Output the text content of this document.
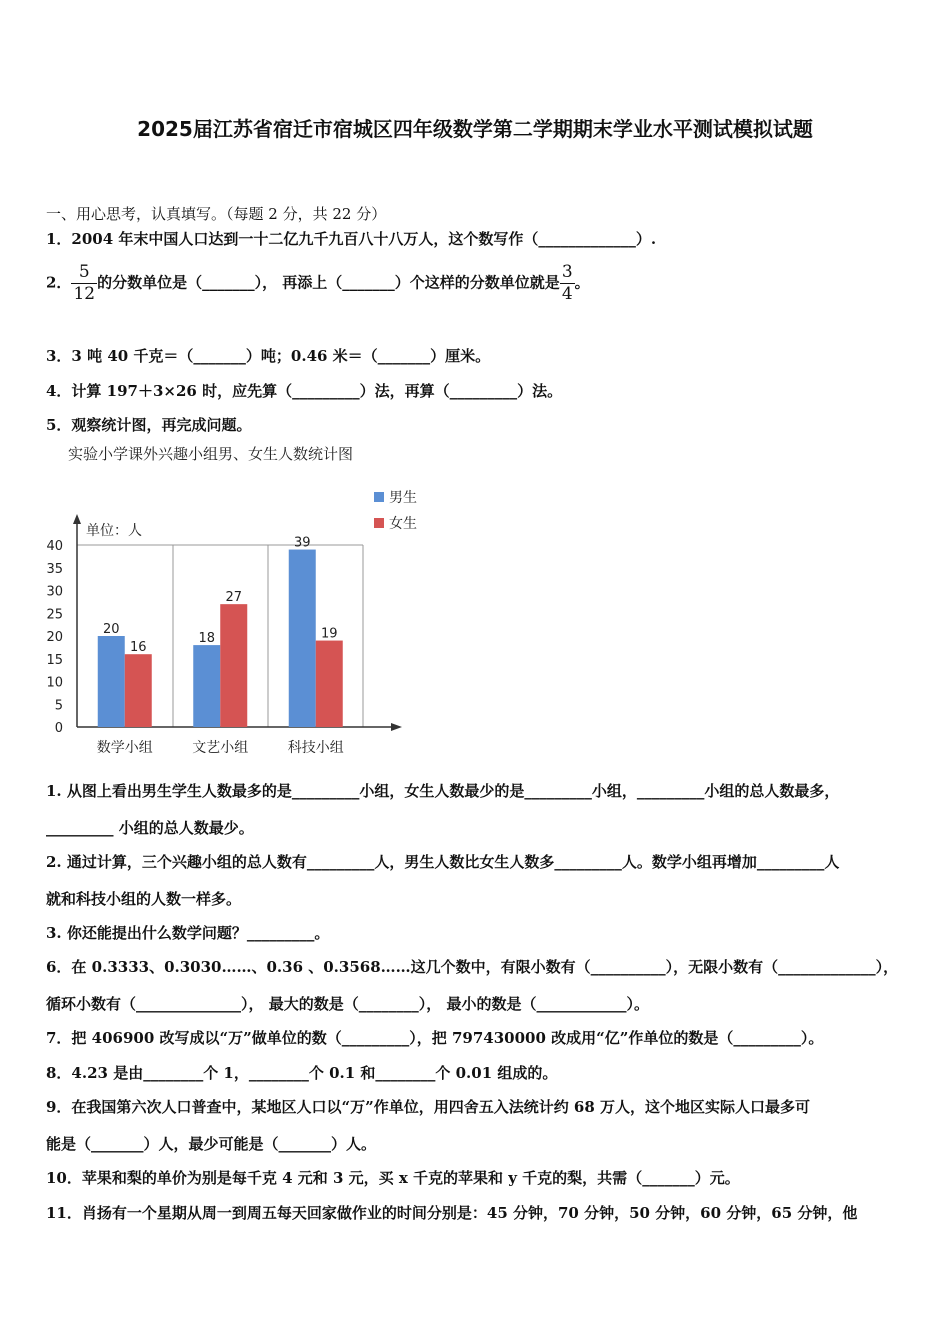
2025届江苏省宿迁市宿城区四年级数学第二学期期末学业水平测试模拟试题
一、用心思考，认真填写。（每题 2 分，共 22 分）
1．2004 年末中国人口达到一十二亿九千九百八十八万人，这个数写作（_____________）.
2． $\frac{5}{12}$ 的分数单位是（_______）， 再添上（_______）个这样的分数单位就是 $\frac{3}{4}$ 。
3．3 吨 40 千克＝（_______）吨；0.46 米＝（_______）厘米。
4．计算 197＋3×26 时，应先算（_________）法，再算（_________）法。
5．观察统计图，再完成问题。
实验小学课外兴趣小组男、女生人数统计图
单位：人
0
5
10
15
20
25
30
35
40
20
16
18
27
39
19
数学小组	文艺小组	科技小组
男生
女生
1. 从图上看出男生学生人数最多的是_________小组，女生人数最少的是_________小组，_________小组的总人数最多，
_________ 小组的总人数最少。
2. 通过计算，三个兴趣小组的总人数有_________人，男生人数比女生人数多_________人。数学小组再增加_________人
就和科技小组的人数一样多。
3. 你还能提出什么数学问题？_________。
6．在 0.3333、0.3030……、0.36 、0.3568……这几个数中，有限小数有（__________），无限小数有（_____________），
循环小数有（______________）， 最大的数是（________）， 最小的数是（____________）。
7．把 406900 改写成以“万”做单位的数（_________），把 797430000 改成用“亿”作单位的数是（_________）。
8．4.23 是由________个 1，________个 0.1 和________个 0.01 组成的。
9．在我国第六次人口普查中，某地区人口以“万”作单位，用四舍五入法统计约 68 万人，这个地区实际人口最多可
能是（_______）人，最少可能是（_______）人。
10．苹果和梨的单价为别是每千克 4 元和 3 元，买 x 千克的苹果和 y 千克的梨，共需（_______）元。
11．肖扬有一个星期从周一到周五每天回家做作业的时间分别是：45 分钟，70 分钟，50 分钟，60 分钟，65 分钟，他
